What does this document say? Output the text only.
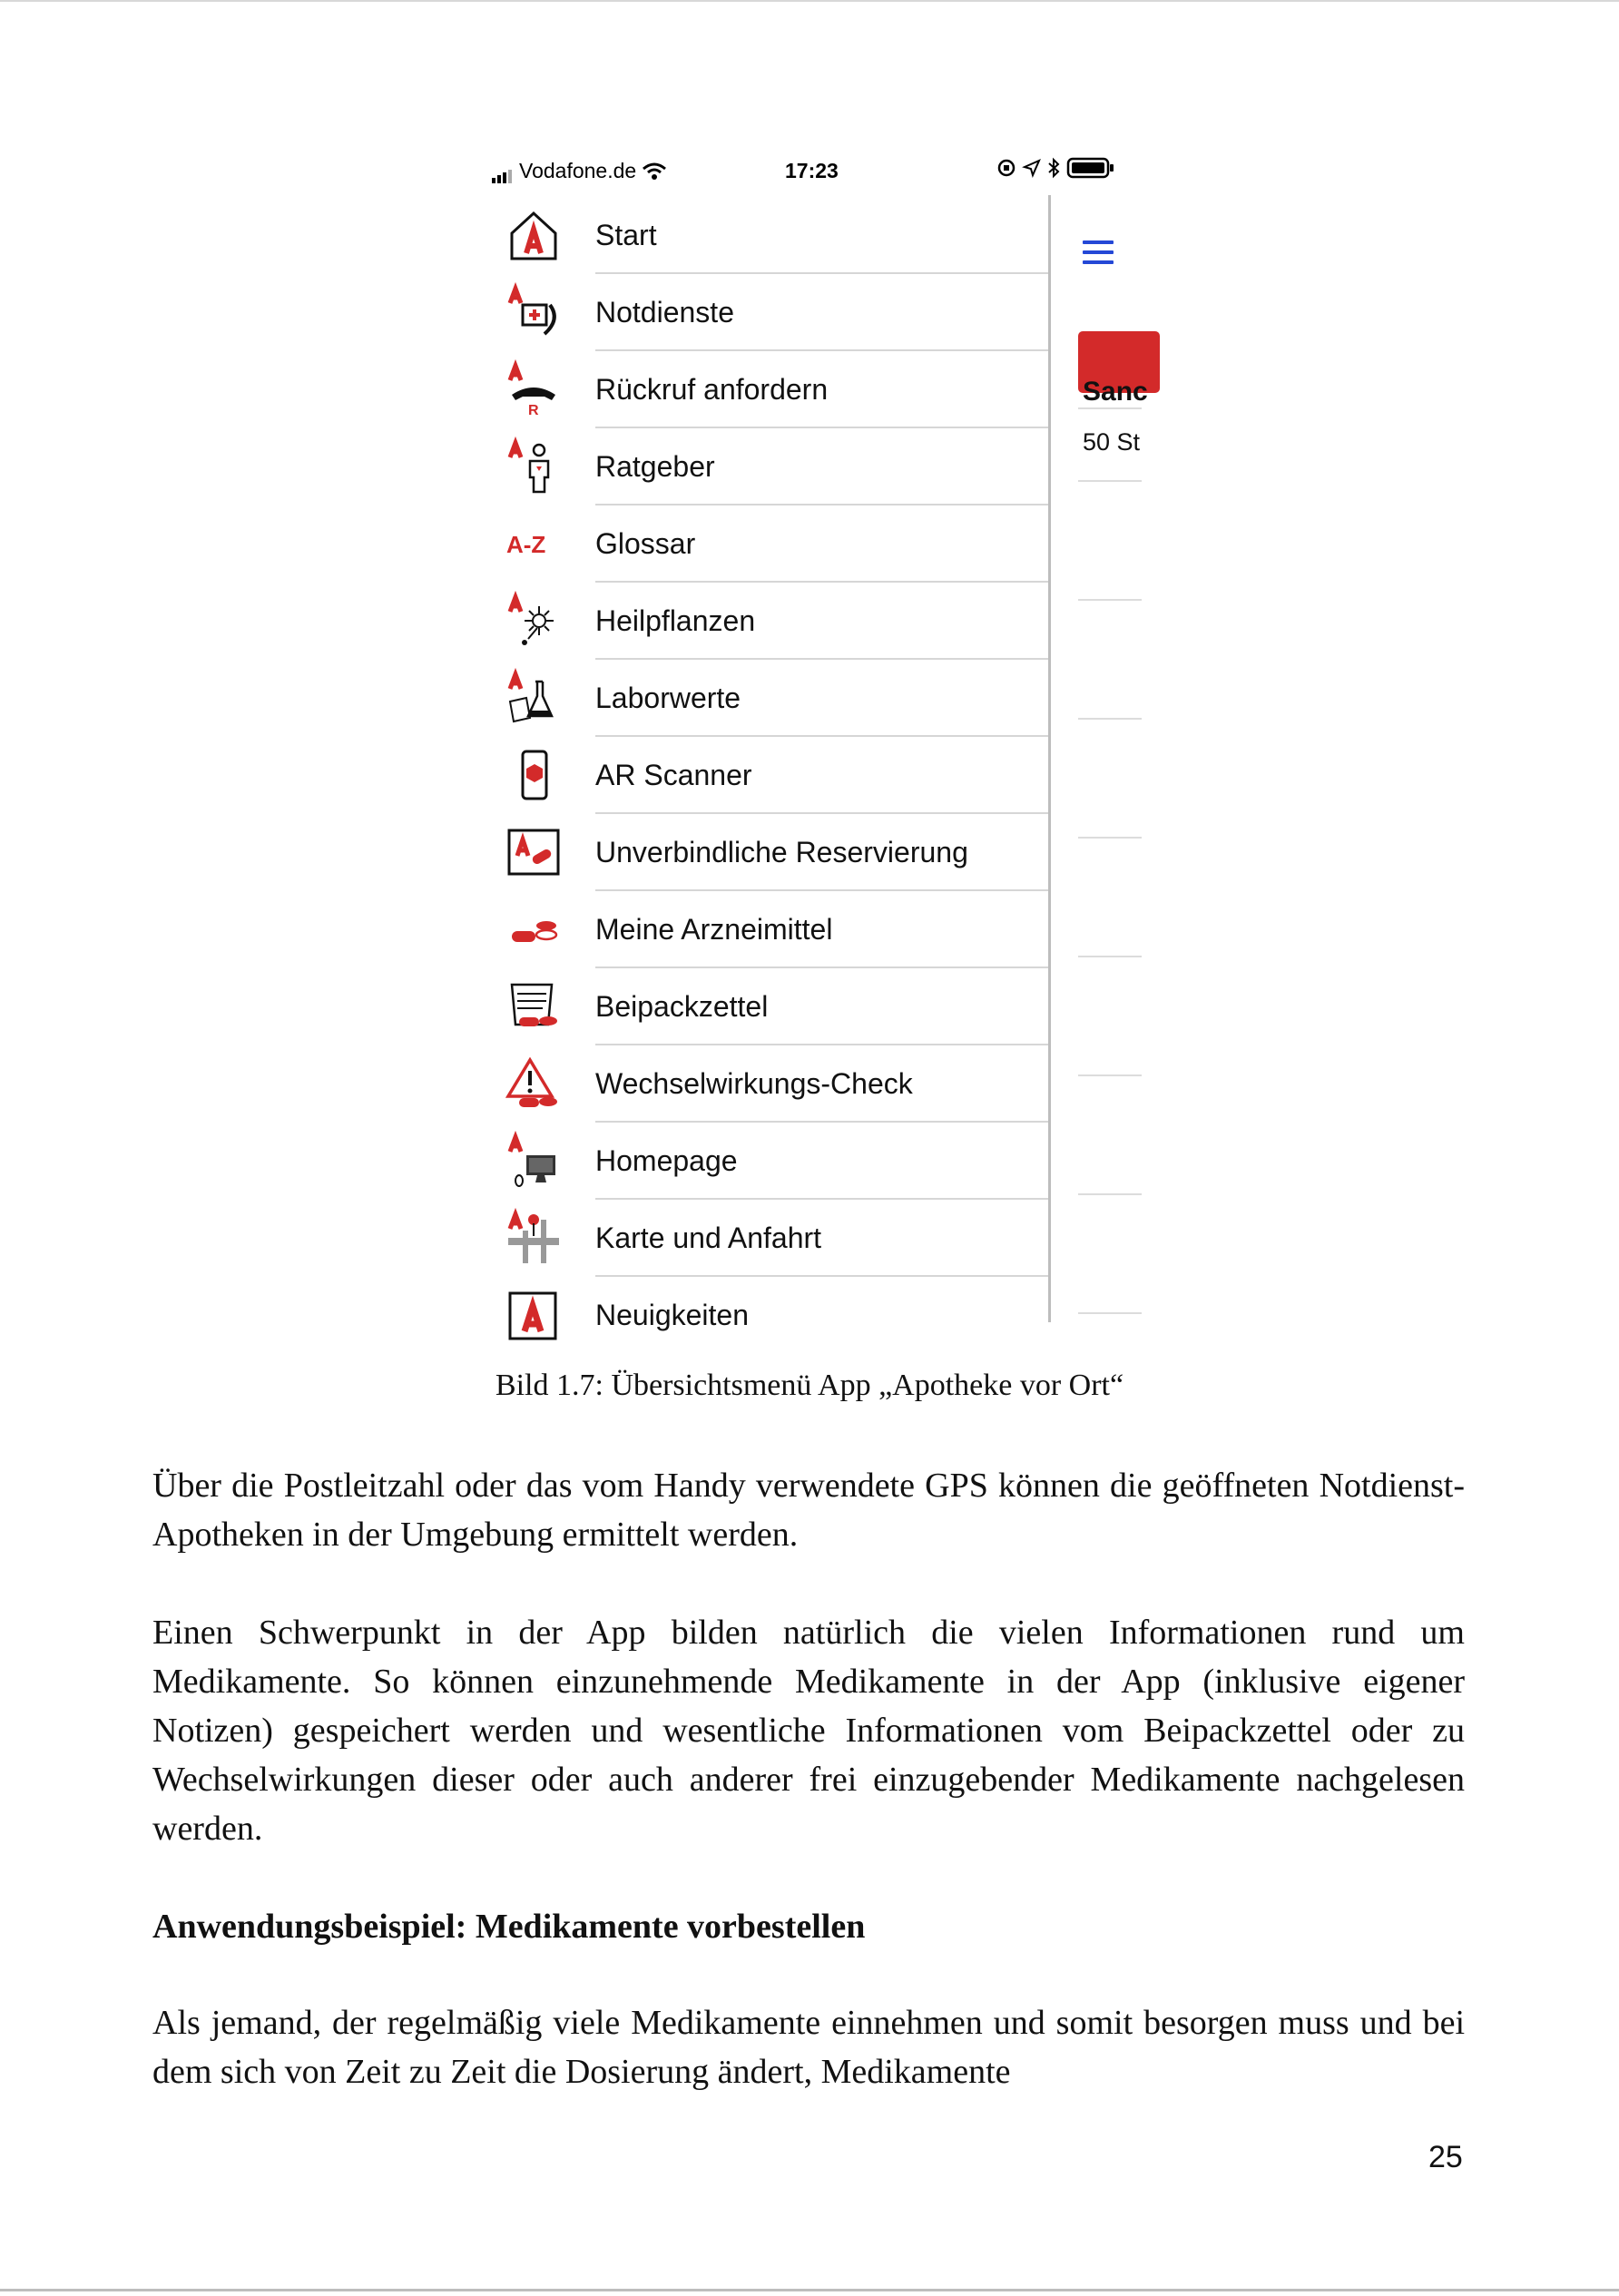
Vodafone.de	17:23
Start
Notdienste
R
Rückruf anfordern
Ratgeber
A-Z Glossar
Heilpflanzen
Laborwerte
AR Scanner
Unverbindliche Reservierung
Meine Arzneimittel
Beipackzettel
Wechselwirkungs-Check
Homepage
Karte und Anfahrt
Neuigkeiten
Sanc
50 St
Bild 1.7: Übersichtsmenü App „Apotheke vor Ort“

Über die Postleitzahl oder das vom Handy verwendete GPS können die geöffneten Notdienst-Apotheken in der Umgebung ermittelt werden.

Einen Schwerpunkt in der App bilden natürlich die vielen Informationen rund um Medikamente. So können einzunehmende Medikamente in der App (inklusive eigener Notizen) gespeichert werden und wesentliche Informationen vom Beipackzettel oder zu Wechselwirkungen dieser oder auch anderer frei einzugebender Medikamente nachgelesen werden.

Anwendungsbeispiel: Medikamente vorbestellen

Als jemand, der regelmäßig viele Medikamente einnehmen und somit besorgen muss und bei dem sich von Zeit zu Zeit die Dosierung ändert, Medikamente

25
